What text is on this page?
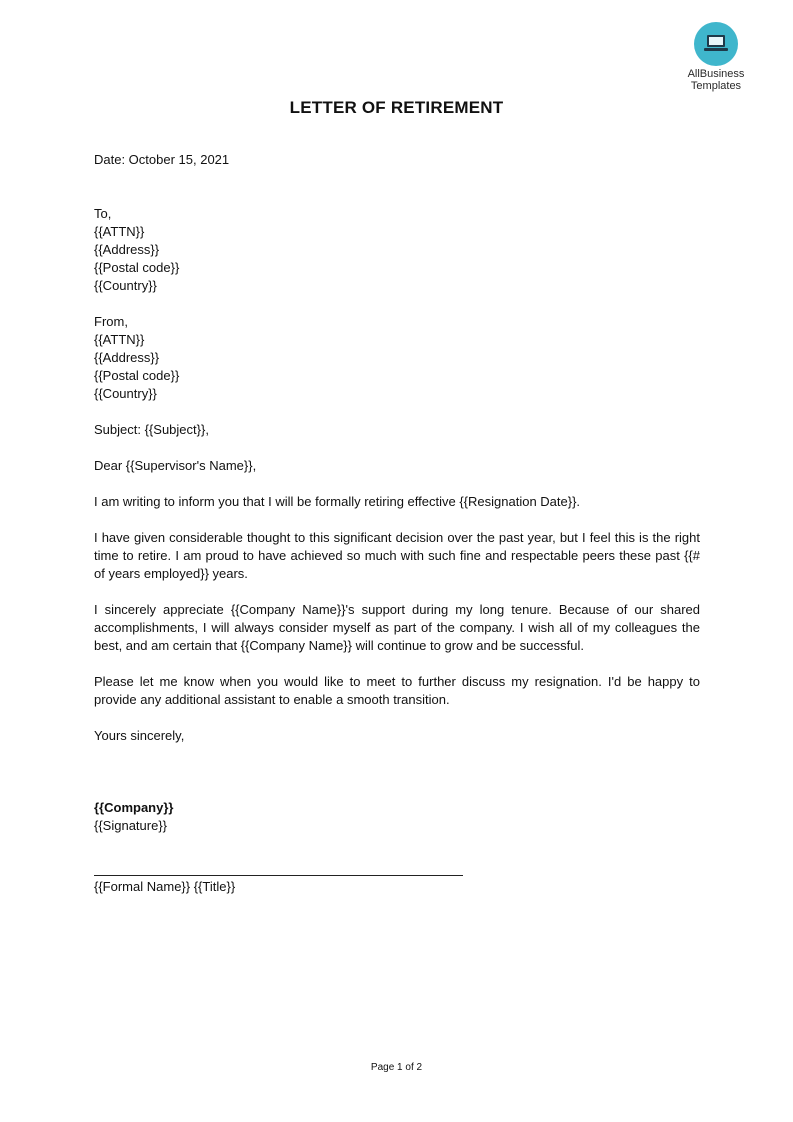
AllBusiness
Templates
LETTER OF RETIREMENT

Date: October 15, 2021

To,

{{ATTN}}

{{Address}}

{{Postal code}}

{{Country}}

From,

{{ATTN}}

{{Address}}

{{Postal code}}

{{Country}}

Subject: {{Subject}},

Dear {{Supervisor's Name}},

I am writing to inform you that I will be formally retiring effective {{Resignation Date}}.

I have given considerable thought to this significant decision over the past year, but I feel this is the right time to retire. I am proud to have achieved so much with such fine and respectable peers these past {{# of years employed}} years.

I sincerely appreciate {{Company Name}}'s support during my long tenure. Because of our shared accomplishments, I will always consider myself as part of the company. I wish all of my colleagues the best, and am certain that {{Company Name}} will continue to grow and be successful.

Please let me know when you would like to meet to further discuss my resignation. I'd be happy to provide any additional assistant to enable a smooth transition.

Yours sincerely,

{{Company}}

{{Signature}}

{{Formal Name}} {{Title}}

Page 1 of 2
